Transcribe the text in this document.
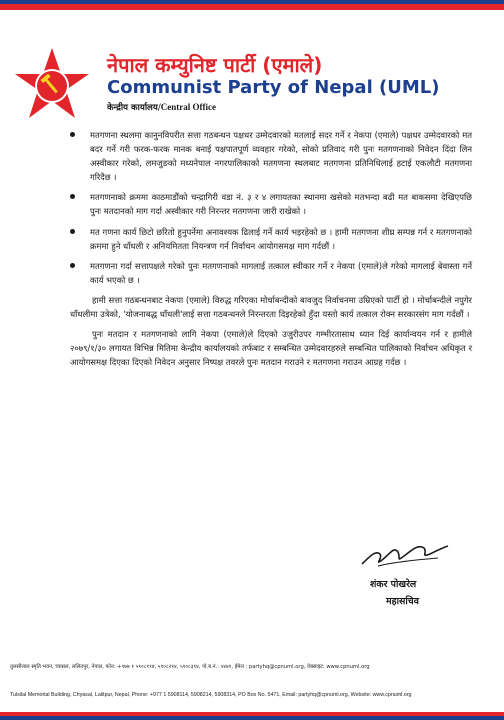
नेपाल कम्युनिष्ट पार्टी (एमाले)
Communist Party of Nepal (UML)
केन्द्रीय कार्यालय/Central Office

मतगणना स्थलमा कानुनविपरीत सत्ता गठबन्धन पक्षधर उम्मेदवारको मतलाई सदर गर्ने र नेकपा (एमाले) पक्षधर उम्मेदवारको मत बदर गर्ने गरी फरक-फरक मानक बनाई पक्षपातपूर्ण व्यवहार गरेको, सोको प्रतिवाद गरी पुनः मतगणनाको निवेदन दिंदा लिन अस्वीकार गरेको, लमजुङको मध्यनेपाल नगरपालिकाको मतगणना स्थलबाट मतगणना प्रतिनिधिलाई हटाई एकलौटी मतगणना गरिदैछ ।

मतगणनाको क्रममा काठमाडौंको चन्द्रागिरी वडा नं. ३ र ४ लगायतका स्थानमा खसेको मतभन्दा बढी मत बाकसमा देखिएपछि पुनः मतदानको माग गर्दा अस्वीकार गरी निरन्तर मतगणना जारी राखेको ।

मत गणना कार्य छिटो छरितो हुनुपर्नेमा अनावश्यक ढिलाई गर्ने कार्य भइरहेको छ । हामी मतगणना शीघ्र सम्पन्न गर्न र मतगणनाको क्रममा हुने धाँधली र अनियमितता नियन्त्रण गर्न निर्वाचन आयोगसमक्ष माग गर्दछौं ।

मतगणना गर्दा सत्तापक्षले गरेको पुनः मतगणनाको मागलाई तत्काल स्वीकार गर्ने र नेकपा (एमाले)ले गरेको मागलाई बेवास्ता गर्ने कार्य भएको छ ।

हामी सत्ता गठबन्धनबाट नेकपा (एमाले) विरुद्ध गरिएका मोर्चाबन्दीको बावजुद निर्वाचनमा उम्रिएको पार्टी हो । मोर्चाबन्दीले नपुगेर धाँधलीमा उत्रेको, 'योजनाबद्ध धाँधली'लाई सत्ता गठबन्धनले निरन्तरता दिइरहेको हुँदा यस्तो कार्य तत्काल रोक्न सरकारसंग माग गर्दछौं ।

पुनः मतदान र मतगणनाको लागि नेकपा (एमाले)ले दिएको उजुरीउपर गम्भीरतासाथ ध्यान दिई कार्यान्वयन गर्न र हामीले २०७९/१/३० लगायत विभिन्न मितिमा केन्द्रीय कार्यालयको तर्फबाट र सम्बन्धित उम्मेदवारहरुले सम्बन्धित पालिकाको निर्वाचन अधिकृत र आयोगसमक्ष दिएका दिएको निवेदन अनुसार निष्पक्ष तवरले पुनः मतदान गराउने र मतगणना गराउन आग्रह गर्दछ ।

शंकर पोखरेल
महासचिव
तुलसीलाल स्मृति भवन, च्यासल, ललितपुर, नेपाल, फोन: +९७७ १ ५९०८११४, ५९०८२१४, ५९०८३१४, पो.ब.नं.: ५४७१, ईमेल : partyhq@cpnuml.org, वेबसाइट: www.cpnuml.org
Tulsilal Memorial Building, Chyasal, Lalitpur, Nepal, Phone: +977 1 5908114, 5908214, 5908314, PO Box No. 5471, Email: partyhq@cpnuml.org, Website: www.cpnuml.org
